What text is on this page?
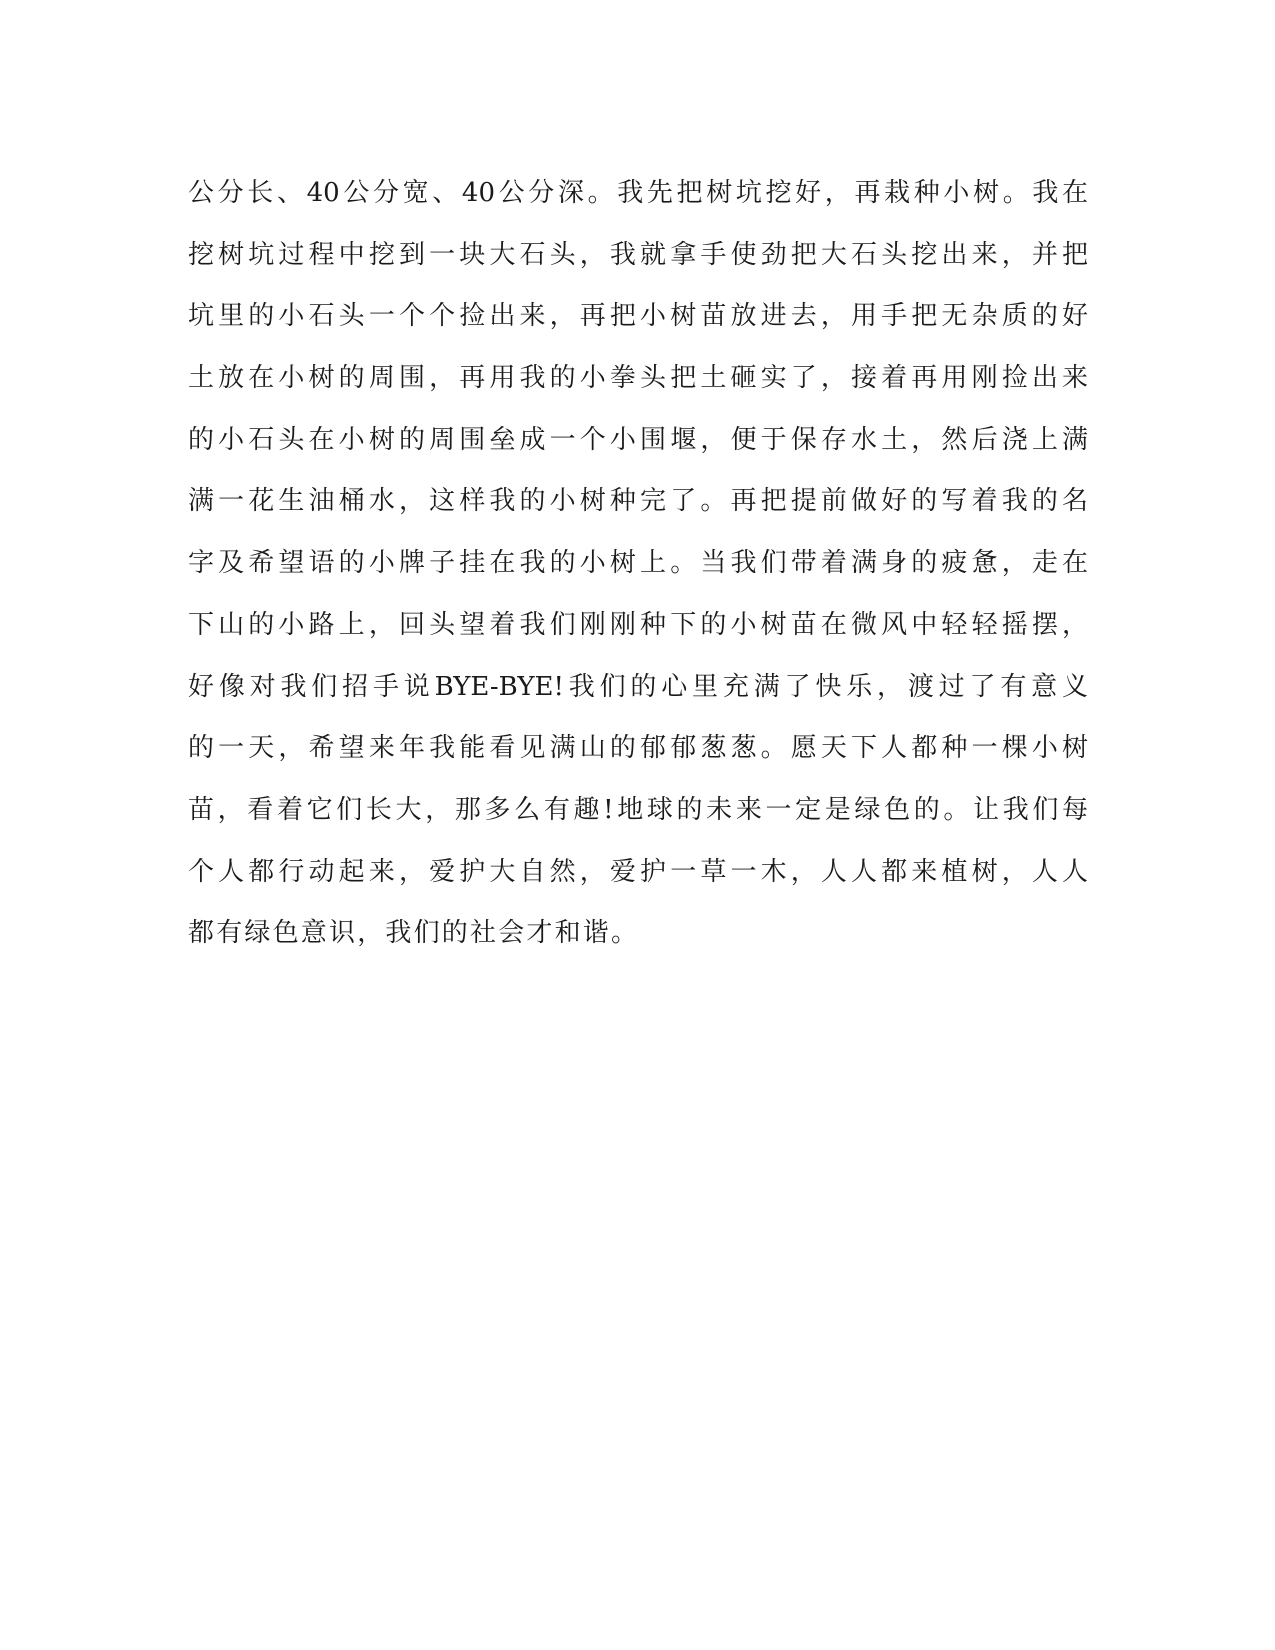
公分长、40公分宽、40公分深。我先把树坑挖好，再栽种小树。我在
挖树坑过程中挖到一块大石头，我就拿手使劲把大石头挖出来，并把
坑里的小石头一个个捡出来，再把小树苗放进去，用手把无杂质的好
土放在小树的周围，再用我的小拳头把土砸实了，接着再用刚捡出来
的小石头在小树的周围垒成一个小围堰，便于保存水土，然后浇上满
满一花生油桶水，这样我的小树种完了。再把提前做好的写着我的名
字及希望语的小牌子挂在我的小树上。当我们带着满身的疲惫，走在
下山的小路上，回头望着我们刚刚种下的小树苗在微风中轻轻摇摆，
好像对我们招手说BYE-BYE!我们的心里充满了快乐，渡过了有意义
的一天，希望来年我能看见满山的郁郁葱葱。愿天下人都种一棵小树
苗，看着它们长大，那多么有趣!地球的未来一定是绿色的。让我们每
个人都行动起来，爱护大自然，爱护一草一木，人人都来植树，人人
都有绿色意识，我们的社会才和谐。
